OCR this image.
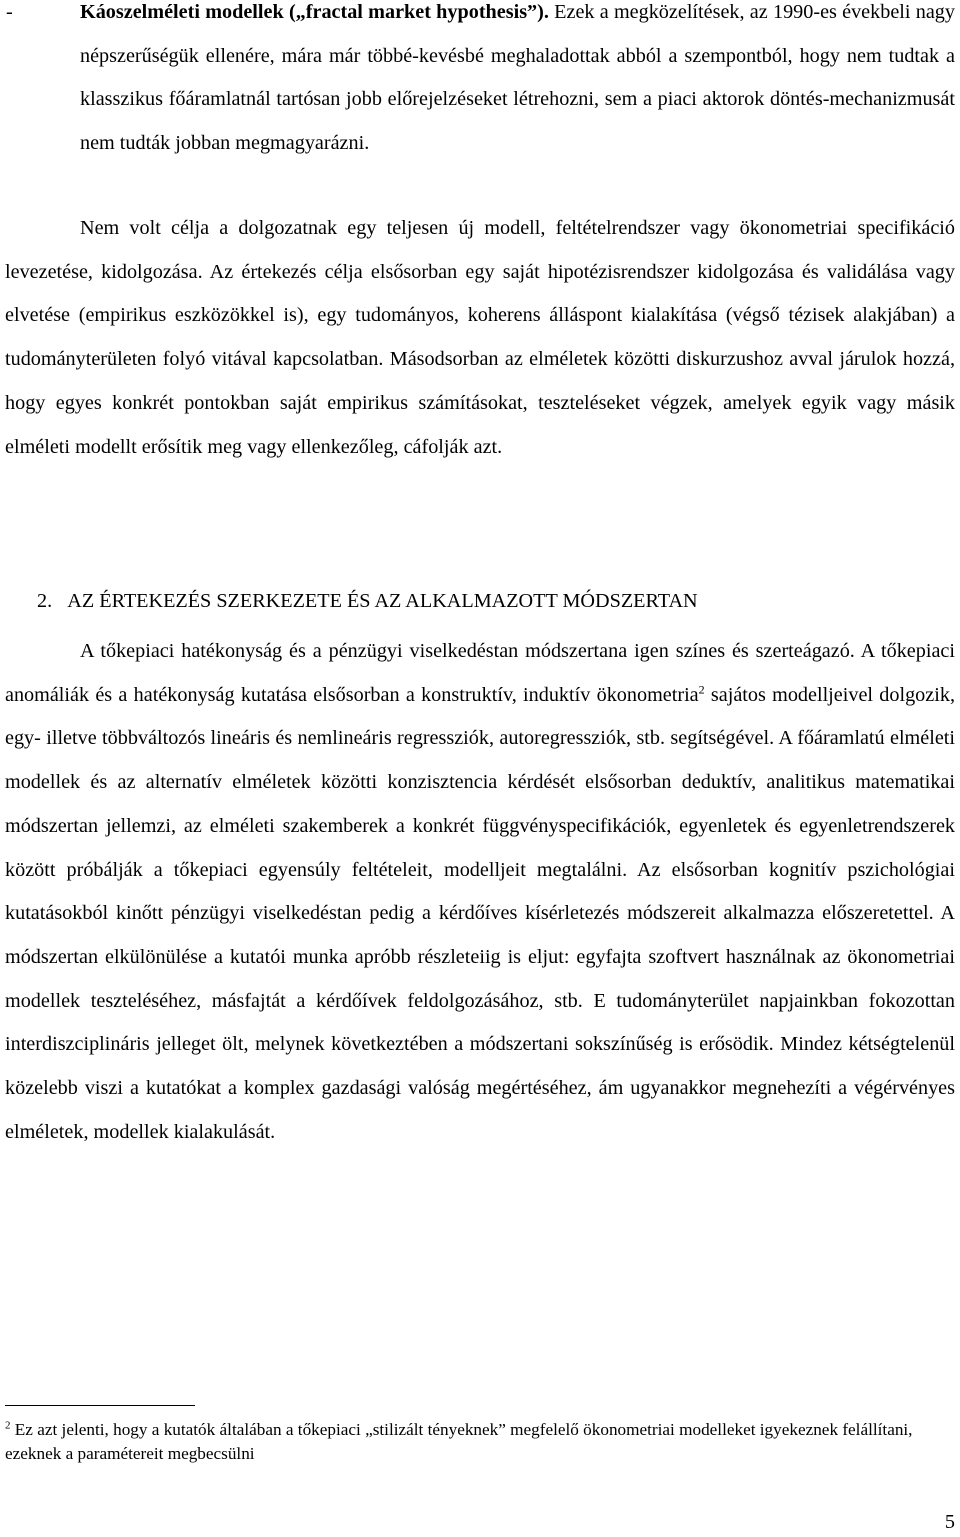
-	Káoszelméleti modellek („fractal market hypothesis”). Ezek a megközelítések, az 1990-es évekbeli nagy népszerűségük ellenére, mára már többé-kevésbé meghaladottak abból a szempontból, hogy nem tudtak a klasszikus főáramlatnál tartósan jobb előrejelzéseket létrehozni, sem a piaci aktorok döntés-mechanizmusát nem tudták jobban megmagyarázni.

Nem volt célja a dolgozatnak egy teljesen új modell, feltételrendszer vagy ökonometriai specifikáció levezetése, kidolgozása. Az értekezés célja elsősorban egy saját hipotézisrendszer kidolgozása és validálása vagy elvetése (empirikus eszközökkel is), egy tudományos, koherens álláspont kialakítása (végső tézisek alakjában) a tudományterületen folyó vitával kapcsolatban. Másodsorban az elméletek közötti diskurzushoz avval járulok hozzá, hogy egyes konkrét pontokban saját empirikus számításokat, teszteléseket végzek, amelyek egyik vagy másik elméleti modellt erősítik meg vagy ellenkezőleg, cáfolják azt.

2. AZ ÉRTEKEZÉS SZERKEZETE ÉS AZ ALKALMAZOTT MÓDSZERTAN

A tőkepiaci hatékonyság és a pénzügyi viselkedéstan módszertana igen színes és szerteágazó. A tőkepiaci anomáliák és a hatékonyság kutatása elsősorban a konstruktív, induktív ökonometria$^2$ sajátos modelljeivel dolgozik, egy- illetve többváltozós lineáris és nemlineáris regressziók, autoregressziók, stb. segítségével. A főáramlatú elméleti modellek és az alternatív elméletek közötti konzisztencia kérdését elsősorban deduktív, analitikus matematikai módszertan jellemzi, az elméleti szakemberek a konkrét függvényspecifikációk, egyenletek és egyenletrendszerek között próbálják a tőkepiaci egyensúly feltételeit, modelljeit megtalálni. Az elsősorban kognitív pszichológiai kutatásokból kinőtt pénzügyi viselkedéstan pedig a kérdőíves kísérletezés módszereit alkalmazza előszeretettel. A módszertan elkülönülése a kutatói munka apróbb részleteiig is eljut: egyfajta szoftvert használnak az ökonometriai modellek teszteléséhez, másfajtát a kérdőívek feldolgozásához, stb. E tudományterület napjainkban fokozottan interdiszciplináris jelleget ölt, melynek következtében a módszertani sokszínűség is erősödik. Mindez kétségtelenül közelebb viszi a kutatókat a komplex gazdasági valóság megértéséhez, ám ugyanakkor megnehezíti a végérvényes elméletek, modellek kialakulását.

$^2$ Ez azt jelenti, hogy a kutatók általában a tőkepiaci „stilizált tényeknek” megfelelő ökonometriai modelleket igyekeznek felállítani, ezeknek a paramétereit megbecsülni

5
